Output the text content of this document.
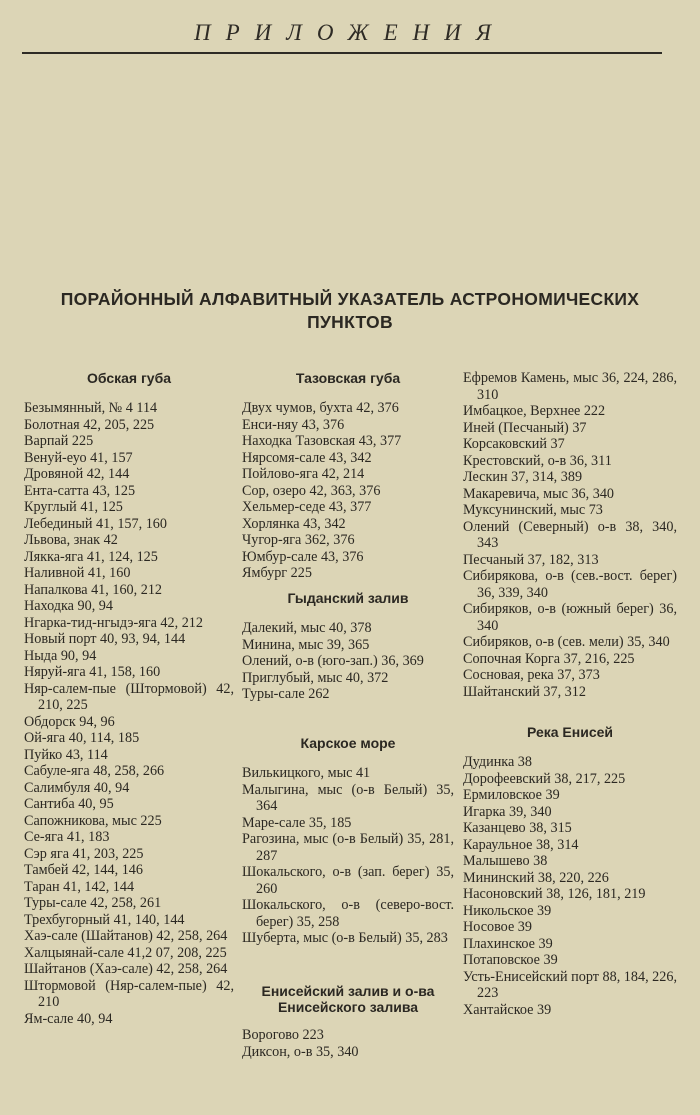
ПРИЛОЖЕНИЯ
ПОРАЙОННЫЙ АЛФАВИТНЫЙ УКАЗАТЕЛЬ АСТРОНОМИЧЕСКИХ
ПУНКТОВ
Обская губа
Безымянный, № 4 114
Болотная 42, 205, 225
Варпай 225
Венуй-еуо 41, 157
Дровяной 42, 144
Ента-сатта 43, 125
Круглый 41, 125
Лебединый 41, 157, 160
Львова, знак 42
Лякка-яга 41, 124, 125
Наливной 41, 160
Напалкова 41, 160, 212
Находка 90, 94
Нгарка-тид-нгыдэ-яга 42, 212
Новый порт 40, 93, 94, 144
Ныда 90, 94
Няруй-яга 41, 158, 160
Няр-салем-пые (Штормовой) 42, 210, 225
Обдорск 94, 96
Ой-яга 40, 114, 185
Пуйко 43, 114
Сабуле-яга 48, 258, 266
Салимбуля 40, 94
Сантиба 40, 95
Сапожникова, мыс 225
Се-яга 41, 183
Сэр яга 41, 203, 225
Тамбей 42, 144, 146
Таран 41, 142, 144
Туры-сале 42, 258, 261
Трехбугорный 41, 140, 144
Хаэ-сале (Шайтанов) 42, 258, 264
Халцыянай-сале 41,2 07, 208, 225
Шайтанов (Хаэ-сале) 42, 258, 264
Штормовой (Няр-салем-пые) 42, 210
Ям-сале 40, 94
Тазовская губа
Двух чумов, бухта 42, 376
Енси-няу 43, 376
Находка Тазовская 43, 377
Нярсомя-сале 43, 342
Пойлово-яга 42, 214
Сор, озеро 42, 363, 376
Хельмер-седе 43, 377
Хорлянка 43, 342
Чугор-яга 362, 376
Юмбур-сале 43, 376
Ямбург 225
Гыданский залив
Далекий, мыс 40, 378
Минина, мыс 39, 365
Олений, о-в (юго-зап.) 36, 369
Приглубый, мыс 40, 372
Туры-сале 262
Карское море
Вилькицкого, мыс 41
Малыгина, мыс (о-в Белый) 35, 364
Маре-сале 35, 185
Рагозина, мыс (о-в Белый) 35, 281, 287
Шокальского, о-в (зап. берег) 35, 260
Шокальского, о-в (северо-вост. берег) 35, 258
Шуберта, мыс (о-в Белый) 35, 283
Енисейский залив и о-ва Енисейского залива
Ворогово 223
Диксон, о-в 35, 340
Ефремов Камень, мыс 36, 224, 286, 310
Имбацкое, Верхнее 222
Иней (Песчаный) 37
Корсаковский 37
Крестовский, о-в 36, 311
Лескин 37, 314, 389
Макаревича, мыс 36, 340
Муксунинский, мыс 73
Олений (Северный) о-в 38, 340, 343
Песчаный 37, 182, 313
Сибирякова, о-в (сев.-вост. берег) 36, 339, 340
Сибиряков, о-в (южный берег) 36, 340
Сибиряков, о-в (сев. мели) 35, 340
Сопочная Корга 37, 216, 225
Сосновая, река 37, 373
Шайтанский 37, 312
Река Енисей
Дудинка 38
Дорофеевский 38, 217, 225
Ермиловское 39
Игарка 39, 340
Казанцево 38, 315
Караульное 38, 314
Малышево 38
Мининский 38, 220, 226
Насоновский 38, 126, 181, 219
Никольское 39
Носовое 39
Плахинское 39
Потаповское 39
Усть-Енисейский порт 88, 184, 226, 223
Хантайское 39
